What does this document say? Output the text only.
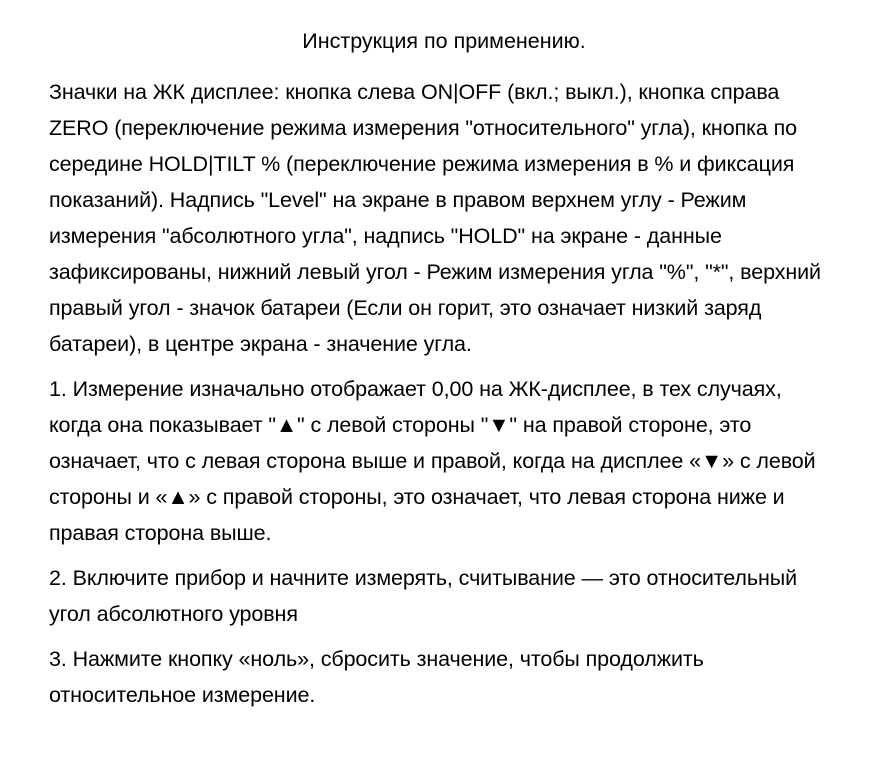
Инструкция по применению.

Значки на ЖК дисплее: кнопка слева ON|OFF (вкл.; выкл.), кнопка справа ZERO (переключение режима измерения "относительного" угла), кнопка по середине HOLD|TILT % (переключение режима измерения в % и фиксация показаний). Надпись "Level" на экране в правом верхнем углу - Режим измерения "абсолютного угла", надпись "HOLD" на экране - данные зафиксированы, нижний левый угол - Режим измерения угла "%", "*", верхний правый угол - значок батареи (Если он горит, это означает низкий заряд батареи), в центре экрана - значение угла.

1. Измерение изначально отображает 0,00 на ЖК-дисплее, в тех случаях, когда она показывает "▲" с левой стороны "▼" на правой стороне, это означает, что с левая сторона выше и правой, когда на дисплее «▼» с левой стороны и «▲» с правой стороны, это означает, что левая сторона ниже и правая сторона выше.

2. Включите прибор и начните измерять, считывание — это относительный угол абсолютного уровня

3. Нажмите кнопку «ноль», сбросить значение, чтобы продолжить относительное измерение.
